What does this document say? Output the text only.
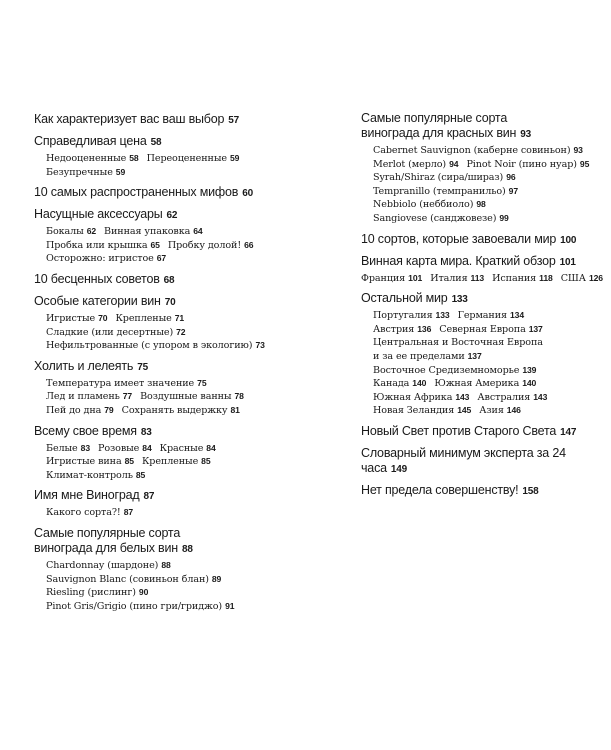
Как характеризует вас ваш выбор 57
Справедливая цена 58
Недооцененные 58 Переоцененные 59
Безупречные 59
10 самых распространенных мифов 60
Насущные аксессуары 62
Бокалы 62 Винная упаковка 64
Пробка или крышка 65 Пробку долой! 66
Осторожно: игристое 67
10 бесценных советов 68
Особые категории вин 70
Игристые 70 Крепленые 71
Сладкие (или десертные) 72
Нефильтрованные (с упором в экологию) 73
Холить и лелеять 75
Температура имеет значение 75
Лед и пламень 77 Воздушные ванны 78
Пей до дна 79 Сохранять выдержку 81
Всему свое время 83
Белые 83 Розовые 84 Красные 84
Игристые вина 85 Крепленые 85
Климат-контроль 85
Имя мне Виноград 87
Какого сорта?! 87
Самые популярные сорта
винограда для белых вин 88
Chardonnay (шардоне) 88
Sauvignon Blanc (совиньон блан) 89
Riesling (рислинг) 90
Pinot Gris/Grigio (пино гри/гриджо) 91
Самые популярные сорта
винограда для красных вин 93
Cabernet Sauvignon (каберне совиньон) 93
Merlot (мерло) 94 Pinot Noir (пино нуар) 95
Syrah/Shiraz (сира/шираз) 96
Tempranillo (темпранильо) 97
Nebbiolo (неббиоло) 98
Sangiovese (санджовезе) 99
10 сортов, которые завоевали мир 100
Винная карта мира. Краткий обзор 101
Франция 101 Италия 113 Испания 118 США 126
Остальной мир 133
Португалия 133 Германия 134
Австрия 136 Северная Европа 137
Центральная и Восточная Европа
и за ее пределами 137
Восточное Средиземноморье 139
Канада 140 Южная Америка 140
Южная Африка 143 Австралия 143
Новая Зеландия 145 Азия 146
Новый Свет против Старого Света 147
Словарный минимум эксперта за 24 часа 149
Нет предела совершенству! 158
